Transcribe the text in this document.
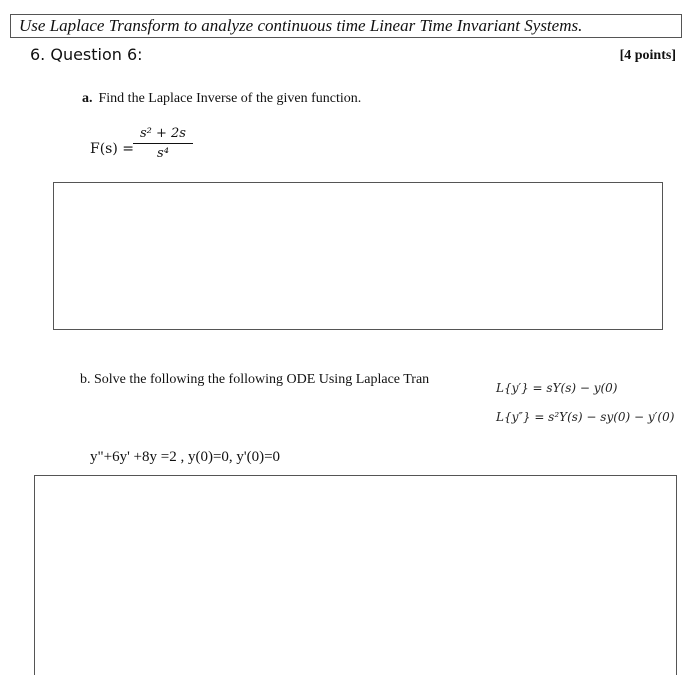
Use Laplace Transform to analyze continuous time Linear Time Invariant Systems.
6. Question 6:	[4 points]
a. Find the Laplace Inverse of the given function.
F(s) =
$\frac{\text{s² + 2s}}{\text{s⁴}}$
b. Solve the following the following ODE Using Laplace Tran
L{y′} = sY(s) − y(0)
L{y″} = s²Y(s) − sy(0) − y′(0)
y"+6y' +8y =2 , y(0)=0, y'(0)=0
